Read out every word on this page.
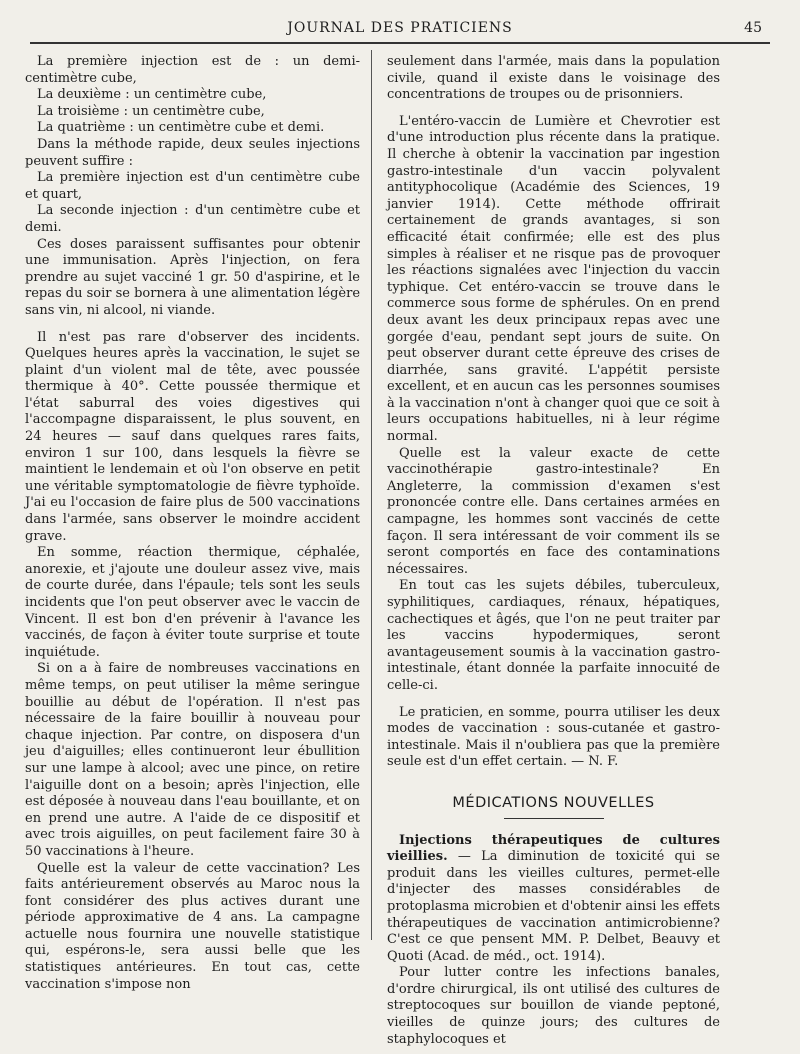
JOURNAL DES PRATICIENS	45

La première injection est de : un demi-centimètre cube,

La deuxième : un centimètre cube,

La troisième : un centimètre cube,

La quatrième : un centimètre cube et demi.

Dans la méthode rapide, deux seules injections peuvent suffire :

La première injection est d'un centimètre cube et quart,

La seconde injection : d'un centimètre cube et demi.

Ces doses paraissent suffisantes pour obtenir une immunisation. Après l'injection, on fera prendre au sujet vacciné 1 gr. 50 d'aspirine, et le repas du soir se bornera à une alimentation légère sans vin, ni alcool, ni viande.

Il n'est pas rare d'observer des incidents. Quelques heures après la vaccination, le sujet se plaint d'un violent mal de tête, avec poussée thermique à 40°. Cette poussée thermique et l'état saburral des voies digestives qui l'accompagne disparaissent, le plus souvent, en 24 heures — sauf dans quelques rares faits, environ 1 sur 100, dans lesquels la fièvre se maintient le lendemain et où l'on observe en petit une véritable symptomatologie de fièvre typhoïde. J'ai eu l'occasion de faire plus de 500 vaccinations dans l'armée, sans observer le moindre accident grave.

En somme, réaction thermique, céphalée, anorexie, et j'ajoute une douleur assez vive, mais de courte durée, dans l'épaule; tels sont les seuls incidents que l'on peut observer avec le vaccin de Vincent. Il est bon d'en prévenir à l'avance les vaccinés, de façon à éviter toute surprise et toute inquiétude.

Si on a à faire de nombreuses vaccinations en même temps, on peut utiliser la même seringue bouillie au début de l'opération. Il n'est pas nécessaire de la faire bouillir à nouveau pour chaque injection. Par contre, on disposera d'un jeu d'aiguilles; elles continueront leur ébullition sur une lampe à alcool; avec une pince, on retire l'aiguille dont on a besoin; après l'injection, elle est déposée à nouveau dans l'eau bouillante, et on en prend une autre. A l'aide de ce dispositif et avec trois aiguilles, on peut facilement faire 30 à 50 vaccinations à l'heure.

Quelle est la valeur de cette vaccination? Les faits antérieurement observés au Maroc nous la font considérer des plus actives durant une période approximative de 4 ans. La campagne actuelle nous fournira une nouvelle statistique qui, espérons-le, sera aussi belle que les statistiques antérieures. En tout cas, cette vaccination s'impose non

seulement dans l'armée, mais dans la population civile, quand il existe dans le voisinage des concentrations de troupes ou de prisonniers.

L'entéro-vaccin de Lumière et Chevrotier est d'une introduction plus récente dans la pratique. Il cherche à obtenir la vaccination par ingestion gastro-intestinale d'un vaccin polyvalent antityphocolique (Académie des Sciences, 19 janvier 1914). Cette méthode offrirait certainement de grands avantages, si son efficacité était confirmée; elle est des plus simples à réaliser et ne risque pas de provoquer les réactions signalées avec l'injection du vaccin typhique. Cet entéro-vaccin se trouve dans le commerce sous forme de sphérules. On en prend deux avant les deux principaux repas avec une gorgée d'eau, pendant sept jours de suite. On peut observer durant cette épreuve des crises de diarrhée, sans gravité. L'appétit persiste excellent, et en aucun cas les personnes soumises à la vaccination n'ont à changer quoi que ce soit à leurs occupations habituelles, ni à leur régime normal.

Quelle est la valeur exacte de cette vaccinothérapie gastro-intestinale? En Angleterre, la commission d'examen s'est prononcée contre elle. Dans certaines armées en campagne, les hommes sont vaccinés de cette façon. Il sera intéressant de voir comment ils se seront comportés en face des contaminations nécessaires.

En tout cas les sujets débiles, tuberculeux, syphilitiques, cardiaques, rénaux, hépatiques, cachectiques et âgés, que l'on ne peut traiter par les vaccins hypodermiques, seront avantageusement soumis à la vaccination gastro-intestinale, étant donnée la parfaite innocuité de celle-ci.

Le praticien, en somme, pourra utiliser les deux modes de vaccination : sous-cutanée et gastro-intestinale. Mais il n'oubliera pas que la première seule est d'un effet certain. — N. F.

MÉDICATIONS NOUVELLES

Injections thérapeutiques de cultures vieillies. — La diminution de toxicité qui se produit dans les vieilles cultures, permet-elle d'injecter des masses considérables de protoplasma microbien et d'obtenir ainsi les effets thérapeutiques de vaccination antimicrobienne? C'est ce que pensent MM. P. Delbet, Beauvy et Quoti (Acad. de méd., oct. 1914).

Pour lutter contre les infections banales, d'ordre chirurgical, ils ont utilisé des cultures de streptocoques sur bouillon de viande peptoné, vieilles de quinze jours; des cultures de staphylocoques et
